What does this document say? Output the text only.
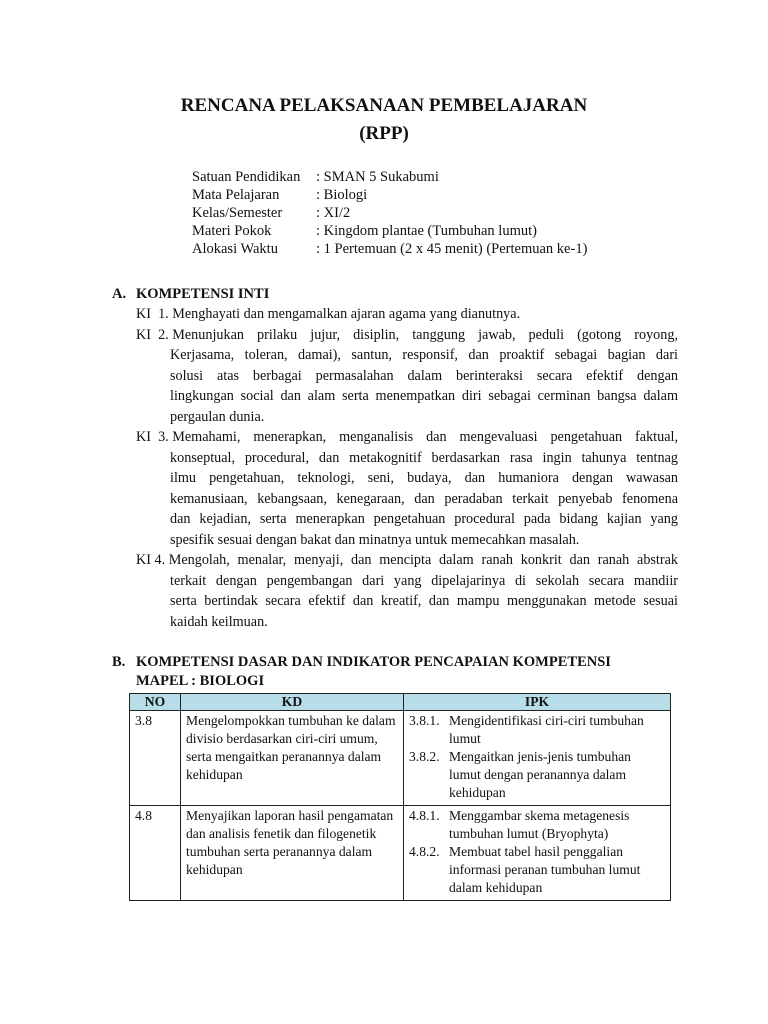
RENCANA PELAKSANAAN PEMBELAJARAN
(RPP)
Satuan Pendidikan	: SMAN 5 Sukabumi
Mata Pelajaran	: Biologi
Kelas/Semester	: XI/2
Materi Pokok	: Kingdom plantae (Tumbuhan lumut)
Alokasi Waktu	: 1 Pertemuan (2 x 45 menit) (Pertemuan ke-1)
A. KOMPETENSI INTI
KI  1. Menghayati dan mengamalkan ajaran agama yang dianutnya.
KI  2. Menunjukan prilaku jujur, disiplin, tanggung jawab, peduli (gotong royong,
Kerjasama, toleran, damai), santun, responsif, dan proaktif sebagai bagian dari
solusi atas berbagai permasalahan dalam berinteraksi secara efektif dengan
lingkungan social dan alam serta menempatkan diri sebagai cerminan bangsa dalam
pergaulan dunia.
KI  3. Memahami, menerapkan, menganalisis dan mengevaluasi pengetahuan faktual,
konseptual, procedural, dan metakognitif berdasarkan rasa ingin tahunya tentnag
ilmu pengetahuan, teknologi, seni, budaya, dan humaniora dengan wawasan
kemanusiaan, kebangsaan, kenegaraan, dan peradaban terkait penyebab fenomena
dan kejadian, serta menerapkan pengetahuan procedural pada bidang kajian yang
spesifik sesuai dengan bakat dan minatnya untuk memecahkan masalah.
KI 4. Mengolah, menalar, menyaji, dan mencipta dalam ranah konkrit dan ranah abstrak
terkait dengan pengembangan dari yang dipelajarinya di sekolah secara mandiir
serta bertindak secara efektif dan kreatif, dan mampu menggunakan metode sesuai
kaidah keilmuan.
B. KOMPETENSI DASAR DAN INDIKATOR PENCAPAIAN KOMPETENSI
MAPEL : BIOLOGI
NO	KD	IPK
3.8	Mengelompokkan tumbuhan ke dalam divisio berdasarkan ciri-ciri umum, serta mengaitkan peranannya dalam kehidupan	3.8.1. Mengidentifikasi ciri-ciri tumbuhan lumut
3.8.2. Mengaitkan jenis-jenis tumbuhan lumut dengan peranannya dalam kehidupan

4.8	Menyajikan laporan hasil pengamatan dan analisis fenetik dan filogenetik tumbuhan serta peranannya dalam kehidupan	4.8.1. Menggambar skema metagenesis tumbuhan lumut (Bryophyta)
4.8.2. Membuat tabel hasil penggalian informasi peranan tumbuhan lumut dalam kehidupan
